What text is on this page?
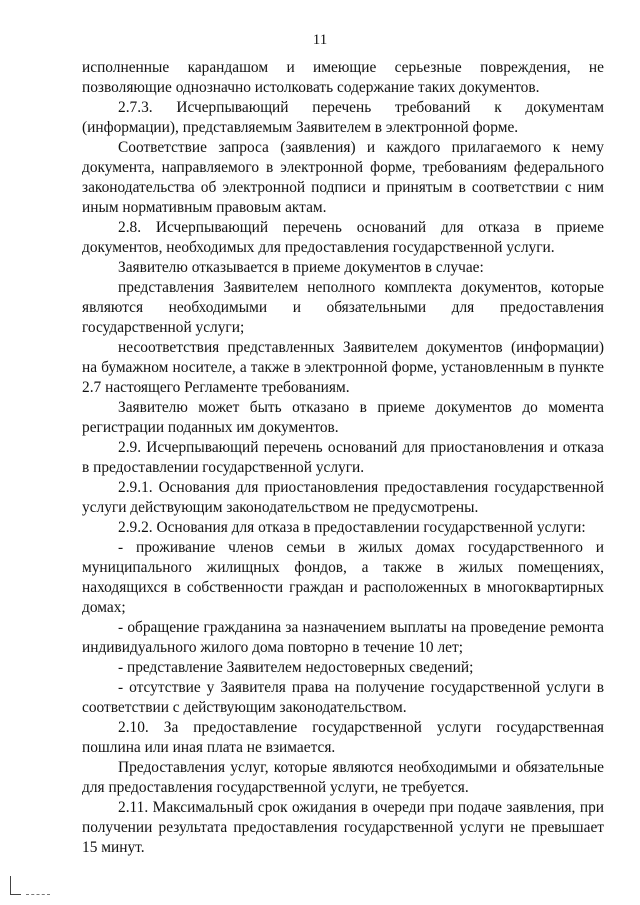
11

исполненные карандашом и имеющие серьезные повреждения, не позволяющие однозначно истолковать содержание таких документов.

2.7.3. Исчерпывающий перечень требований к документам (информации), представляемым Заявителем в электронной форме.

Соответствие запроса (заявления) и каждого прилагаемого к нему документа, направляемого в электронной форме, требованиям федерального законодательства об электронной подписи и принятым в соответствии с ним иным нормативным правовым актам.

2.8. Исчерпывающий перечень оснований для отказа в приеме документов, необходимых для предоставления государственной услуги.

Заявителю отказывается в приеме документов в случае:

представления Заявителем неполного комплекта документов, которые являются необходимыми и обязательными для предоставления государственной услуги;

несоответствия представленных Заявителем документов (информации) на бумажном носителе, а также в электронной форме, установленным в пункте 2.7 настоящего Регламенте требованиям.

Заявителю может быть отказано в приеме документов до момента регистрации поданных им документов.

2.9. Исчерпывающий перечень оснований для приостановления и отказа в предоставлении государственной услуги.

2.9.1. Основания для приостановления предоставления государственной услуги действующим законодательством не предусмотрены.

2.9.2. Основания для отказа в предоставлении государственной услуги:

- проживание членов семьи в жилых домах государственного и муниципального жилищных фондов, а также в жилых помещениях, находящихся в собственности граждан и расположенных в многоквартирных домах;

- обращение гражданина за назначением выплаты на проведение ремонта индивидуального жилого дома повторно в течение 10 лет;

- представление Заявителем недостоверных сведений;

- отсутствие у Заявителя права на получение государственной услуги в соответствии с действующим законодательством.

2.10. За предоставление государственной услуги государственная пошлина или иная плата не взимается.

Предоставления услуг, которые являются необходимыми и обязательные для предоставления государственной услуги, не требуется.

2.11. Максимальный срок ожидания в очереди при подаче заявления, при получении результата предоставления государственной услуги не превышает 15 минут.
